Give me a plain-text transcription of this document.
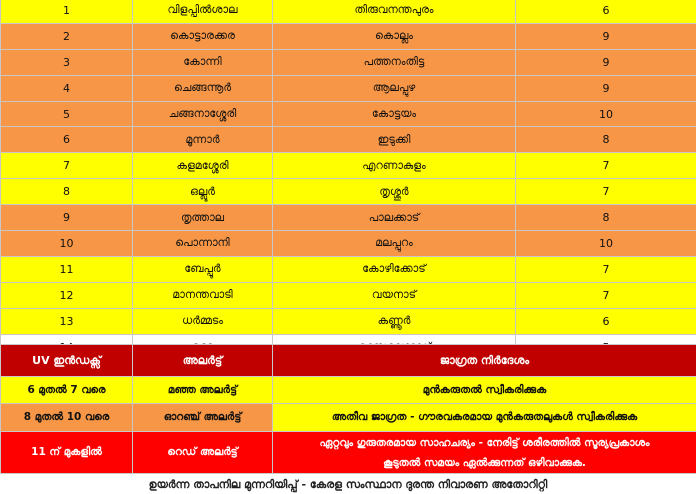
1	വിളപ്പിൽശാല	തിരുവനന്തപുരം	6
2	കൊട്ടാരക്കര	കൊല്ലം	9
3	കോന്നി	പത്തനംതിട്ട	9
4	ചെങ്ങന്നൂർ	ആലപ്പുഴ	9
5	ചങ്ങനാശ്ശേരി	കോട്ടയം	10
6	മൂന്നാർ	ഇടുക്കി	8
7	കളമശ്ശേരി	എറണാകുളം	7
8	ഒല്ലൂർ	തൃശ്ശൂർ	7
9	തൃത്താല	പാലക്കാട്	8
10	പൊന്നാനി	മലപ്പുറം	10
11	ബേപ്പൂർ	കോഴിക്കോട്	7
12	മാനന്തവാടി	വയനാട്	7
13	ധർമ്മടം	കണ്ണൂർ	6

UV ഇൻഡക്സ്	അലർട്ട്	ജാഗ്രത നിർദേശം
6 മുതൽ 7 വരെ	മഞ്ഞ അലർട്ട്	മുൻകരുതൽ സ്വീകരിക്കുക
8 മുതൽ 10 വരെ	ഓറഞ്ച് അലർട്ട്	അതീവ ജാഗ്രത - ഗൗരവകരമായ മുൻകരുതലുകൾ സ്വീകരിക്കുക
11 ന് മുകളിൽ	റെഡ് അലർട്ട്	ഏറ്റവും ഗുരുതരമായ സാഹചര്യം - നേരിട്ട് ശരീരത്തിൽ സൂര്യപ്രകാശം
കൂടുതൽ സമയം ഏൽക്കുന്നത് ഒഴിവാക്കുക.
ഉയർന്ന താപനില മുന്നറിയിപ്പ് - കേരള സംസ്ഥാന ദുരന്ത നിവാരണ അതോറിറ്റി
